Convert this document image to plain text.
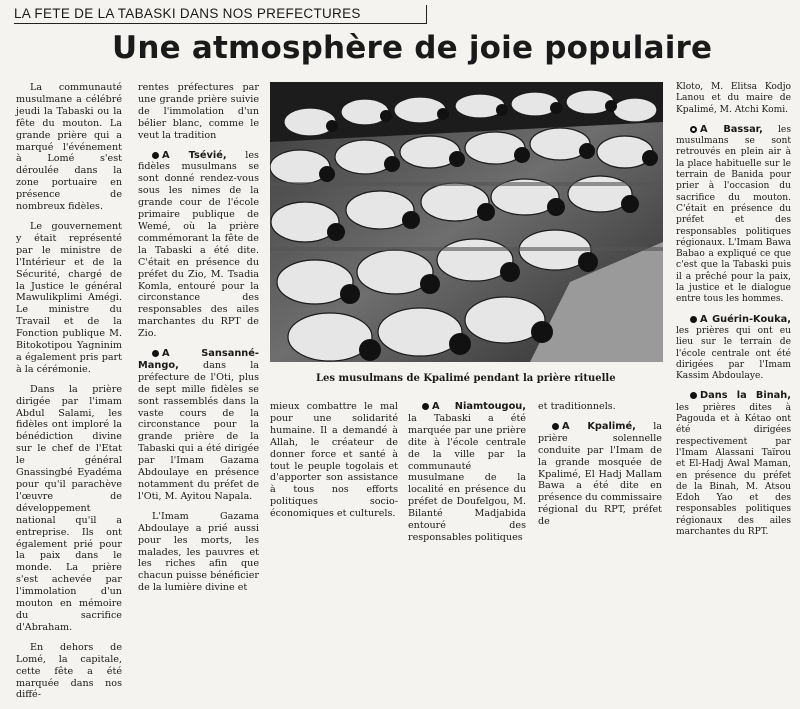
LA FETE DE LA TABASKI DANS NOS PREFECTURES
Une atmosphère de joie populaire

La communauté musulmane a célébré jeudi la Tabaski ou la fête du mouton. La grande prière qui a marqué l'événement à Lomé s'est déroulée dans la zone portuaire en présence de nombreux fidèles.

Le gouvernement y était représenté par le ministre de l'Intérieur et de la Sécurité, chargé de la Justice le général Mawulikplimi Amégi. Le ministre du Travail et de la Fonction publique M. Bitokotipou Yagninim a également pris part à la cérémonie.

Dans la prière dirigée par l'imam Abdul Salami, les fidèles ont imploré la bénédiction divine sur le chef de l'Etat le général Gnassingbé Eyadéma pour qu'il parachève l'œuvre de développement national qu'il a entreprise. Ils ont également prié pour la paix dans le monde. La prière s'est achevée par l'immolation d'un mouton en mémoire du sacrifice d'Abraham.

En dehors de Lomé, la capitale, cette fête a été marquée dans nos diffé-

rentes préfectures par une grande prière suivie de l'immolation d'un bélier blanc, comme le veut la tradition

A Tsévié, les fidèles musulmans se sont donné rendez-vous sous les nimes de la grande cour de l'école primaire publique de Wemé, où la prière commémorant la fête de la Tabaski a été dite. C'était en présence du préfet du Zio, M. Tsadia Komla, entouré pour la circonstance des responsables des ailes marchantes du RPT de Zio.

A Sansanné-Mango, dans la préfecture de l'Oti, plus de sept mille fidèles se sont rassemblés dans la vaste cours de la circonstance pour la grande prière de la Tabaski qui a été dirigée par l'Imam Gazama Abdoulaye en présence notamment du préfet de l'Oti, M. Ayitou Napala.

L'Imam Gazama Abdoulaye a prié aussi pour les morts, les malades, les pauvres et les riches afin que chacun puisse bénéficier de la lumière divine et

Les musulmans de Kpalimé pendant la prière rituelle

mieux combattre le mal pour une solidarité humaine. Il a demandé à Allah, le créateur de donner force et santé à tout le peuple togolais et d'apporter son assistance à tous nos efforts politiques socio-économiques et culturels.

A Niamtougou, la Tabaski a été marquée par une prière dite à l'école centrale de la ville par la communauté musulmane de la localité en présence du préfet de Doufelgou, M. Bilanté Madjabida entouré des responsables politiques

et traditionnels.

A Kpalimé, la prière solennelle conduite par l'Imam de la grande mosquée de Kpalimé, El Hadj Mallam Bawa a été dite en présence du commissaire régional du RPT, préfet de

Kloto, M. Elitsa Kodjo Lanou et du maire de Kpalimé, M. Atchi Komi.

A Bassar, les musulmans se sont retrouvés en plein air à la place habituelle sur le terrain de Banida pour prier à l'occasion du sacrifice du mouton. C'était en présence du préfet et des responsables politiques régionaux. L'Imam Bawa Babao a expliqué ce que c'est que la Tabaski puis il a prêché pour la paix, la justice et le dialogue entre tous les hommes.

A Guérin-Kouka, les prières qui ont eu lieu sur le terrain de l'école centrale ont été dirigées par l'Imam Kassim Abdoulaye.

Dans la Binah, les prières dites à Pagouda et à Kétao ont été dirigées respectivement par l'Imam Alassani Taïrou et El-Hadj Awal Maman, en présence du préfet de la Binah, M. Atsou Edoh Yao et des responsables politiques régionaux des ailes marchantes du RPT.
